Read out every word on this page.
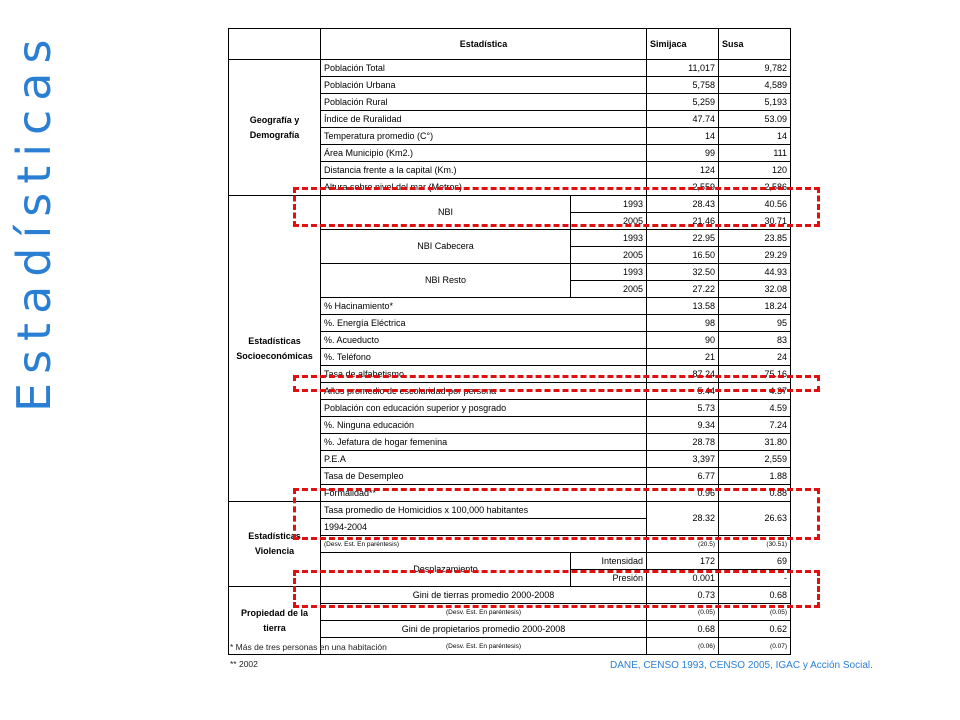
Estadísticas
		Estadística		Simijaca	Susa	
Geografía y Demografía	Población Total		11,017	9,782	
	Población Urbana		5,758	4,589	
	Población Rural		5,259	5,193	
	Índice de Ruralidad		47.74	53.09	
	Temperatura promedio (C°)		14	14	
	Área Municipio (Km2.)		99	111	
	Distancia frente a la capital (Km.)		124	120	
	Altura sobre nivel del mar (Metros)		2,559	2,586	
Estadísticas Socioeconómicas	NBI	1993	28.43	40.56	
		2005	21.46	30.71	
	NBI Cabecera	1993	22.95	23.85	
		2005	16.50	29.29	
	NBI Resto	1993	32.50	44.93	
		2005	27.22	32.08	
	% Hacinamiento*		13.58	18.24	
	%. Energía Eléctrica		98	95	
	%. Acueducto		90	83	
	%. Teléfono		21	24	
	Tasa de alfabetismo		87.24	75.16	
	Años promedio de escolaridad por persona		5.44	4.37	
	Población con educación superior y posgrado		5.73	4.59	
	%. Ninguna educación		9.34	7.24	
	%. Jefatura de hogar femenina		28.78	31.80	
	P.E.A		3,397	2,559	
	Tasa de Desempleo		6.77	1.88	
	Formalidad**		0.96	0.88	
Estadísticas Violencia	Tasa promedio de Homicidios x 100,000 habitantes		28.32	26.63	
	1994-2004				
	(Desv. Est. En paréntesis)		(20.5)	(30.51)	
	Desplazamiento	Intensidad	172	69	
		Presión	0.001	-	
Propiedad de la tierra	Gini de tierras promedio 2000-2008		0.73	0.68	
	(Desv. Est. En paréntesis)		(0.05)	(0.05)	
	Gini de propietarios promedio 2000-2008		0.68	0.62	
	(Desv. Est. En paréntesis)		(0.06)	(0.07)	
* Más de tres personas en una habitación
** 2002	DANE, CENSO 1993, CENSO 2005, IGAC y Acción Social.
